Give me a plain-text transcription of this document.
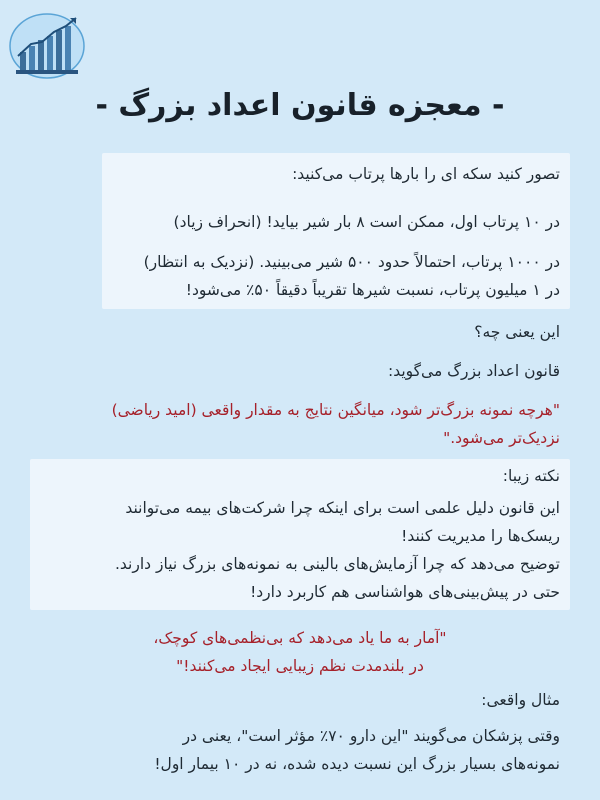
- معجزه قانون اعداد بزرگ -
تصور کنید سکه ای را بارها پرتاب می‌کنید:
در ۱۰ پرتاب اول، ممکن است ۸ بار شیر بیاید! (انحراف زیاد)
در ۱۰۰۰ پرتاب، احتمالاً حدود ۵۰۰ شیر می‌بینید. (نزدیک به انتظار)
در ۱ میلیون پرتاب، نسبت شیرها تقریباً دقیقاً ۵۰٪ می‌شود!
این یعنی چه؟
قانون اعداد بزرگ می‌گوید:
"هرچه نمونه بزرگ‌تر شود، میانگین نتایج به مقدار واقعی (امید ریاضی)
نزدیک‌تر می‌شود."
نکته زیبا:
این قانون دلیل علمی است برای اینکه چرا شرکت‌های بیمه می‌توانند
ریسک‌ها را مدیریت کنند!
توضیح می‌دهد که چرا آزمایش‌های بالینی به نمونه‌های بزرگ نیاز دارند.
حتی در پیش‌بینی‌های هواشناسی هم کاربرد دارد!
"آمار به ما یاد می‌دهد که بی‌نظمی‌های کوچک،
در بلندمدت نظم زیبایی ایجاد می‌کنند!"
مثال واقعی:
وقتی پزشکان می‌گویند "این دارو ۷۰٪ مؤثر است"، یعنی در
نمونه‌های بسیار بزرگ این نسبت دیده شده، نه در ۱۰ بیمار اول!
